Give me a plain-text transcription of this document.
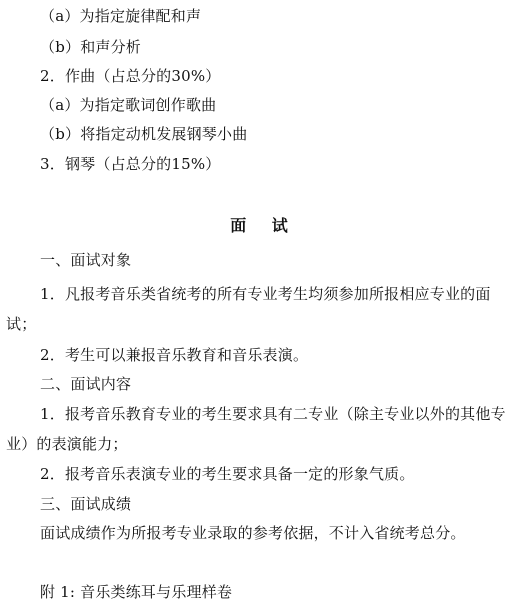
（a）为指定旋律配和声
（b）和声分析
2．作曲（占总分的30%）
（a）为指定歌词创作歌曲
（b）将指定动机发展钢琴小曲
3．钢琴（占总分的15%）
面 试
一、面试对象
1．凡报考音乐类省统考的所有专业考生均须参加所报相应专业的面
试；
2．考生可以兼报音乐教育和音乐表演。
二、面试内容
1．报考音乐教育专业的考生要求具有二专业（除主专业以外的其他专
业）的表演能力；
2．报考音乐表演专业的考生要求具备一定的形象气质。
三、面试成绩
面试成绩作为所报考专业录取的参考依据，不计入省统考总分。
附 1: 音乐类练耳与乐理样卷
